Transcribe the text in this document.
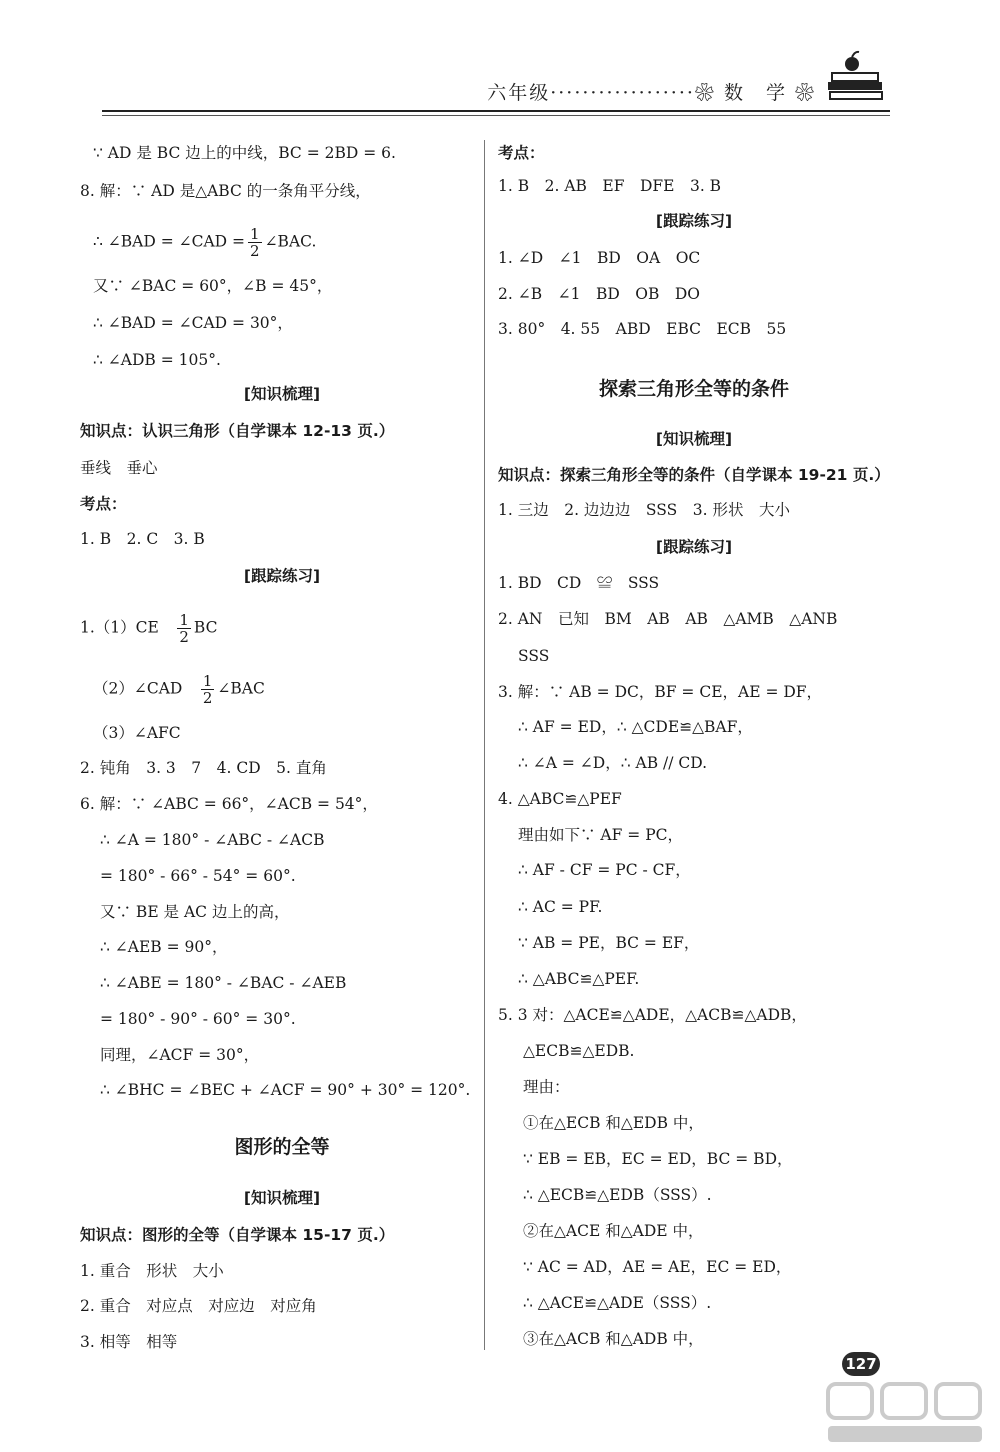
六年级··················❀ 数　学 ❀
∵ AD 是 BC 边上的中线，BC = 2BD = 6.
8. 解：∵ AD 是△ABC 的一条角平分线，
∴ ∠BAD = ∠CAD = $\frac{1}{2}$ ∠BAC.
又∵ ∠BAC = 60°，∠B = 45°，
∴ ∠BAD = ∠CAD = 30°，
∴ ∠ADB = 105°.
[知识梳理]
知识点：认识三角形（自学课本 12-13 页.）
垂线　垂心
考点：
1. B　2. C　3. B
[跟踪练习]
1.（1）CE　 $\frac{1}{2}$ BC
（2）∠CAD　 $\frac{1}{2}$ ∠BAC
（3）∠AFC
2. 钝角　3. 3　7　4. CD　5. 直角
6. 解：∵ ∠ABC = 66°，∠ACB = 54°，
∴ ∠A = 180° - ∠ABC - ∠ACB
= 180° - 66° - 54° = 60°.
又∵ BE 是 AC 边上的高，
∴ ∠AEB = 90°，
∴ ∠ABE = 180° - ∠BAC - ∠AEB
= 180° - 90° - 60° = 30°.
同理，∠ACF = 30°，
∴ ∠BHC = ∠BEC + ∠ACF = 90° + 30° = 120°.
图形的全等
[知识梳理]
知识点：图形的全等（自学课本 15-17 页.）
1. 重合　形状　大小
2. 重合　对应点　对应边　对应角
3. 相等　相等
考点：
1. B　2. AB　EF　DFE　3. B
[跟踪练习]
1. ∠D　∠1　BD　OA　OC
2. ∠B　∠1　BD　OB　DO
3. 80°　4. 55　ABD　EBC　ECB　55
探索三角形全等的条件
[知识梳理]
知识点：探索三角形全等的条件（自学课本 19-21 页.）
1. 三边　2. 边边边　SSS　3. 形状　大小
[跟踪练习]
1. BD　CD　≌　SSS
2. AN　已知　BM　AB　AB　△AMB　△ANB
SSS
3. 解：∵ AB = DC，BF = CE，AE = DF，
∴ AF = ED，∴ △CDE≌△BAF，
∴ ∠A = ∠D，∴ AB // CD.
4. △ABC≌△PEF
理由如下∵ AF = PC，
∴ AF - CF = PC - CF，
∴ AC = PF.
∵ AB = PE，BC = EF，
∴ △ABC≌△PEF.
5. 3 对：△ACE≌△ADE，△ACB≌△ADB，
△ECB≌△EDB.
理由：
①在△ECB 和△EDB 中，
∵ EB = EB，EC = ED，BC = BD，
∴ △ECB≌△EDB（SSS）.
②在△ACE 和△ADE 中，
∵ AC = AD，AE = AE，EC = ED，
∴ △ACE≌△ADE（SSS）.
③在△ACB 和△ADB 中，
127
